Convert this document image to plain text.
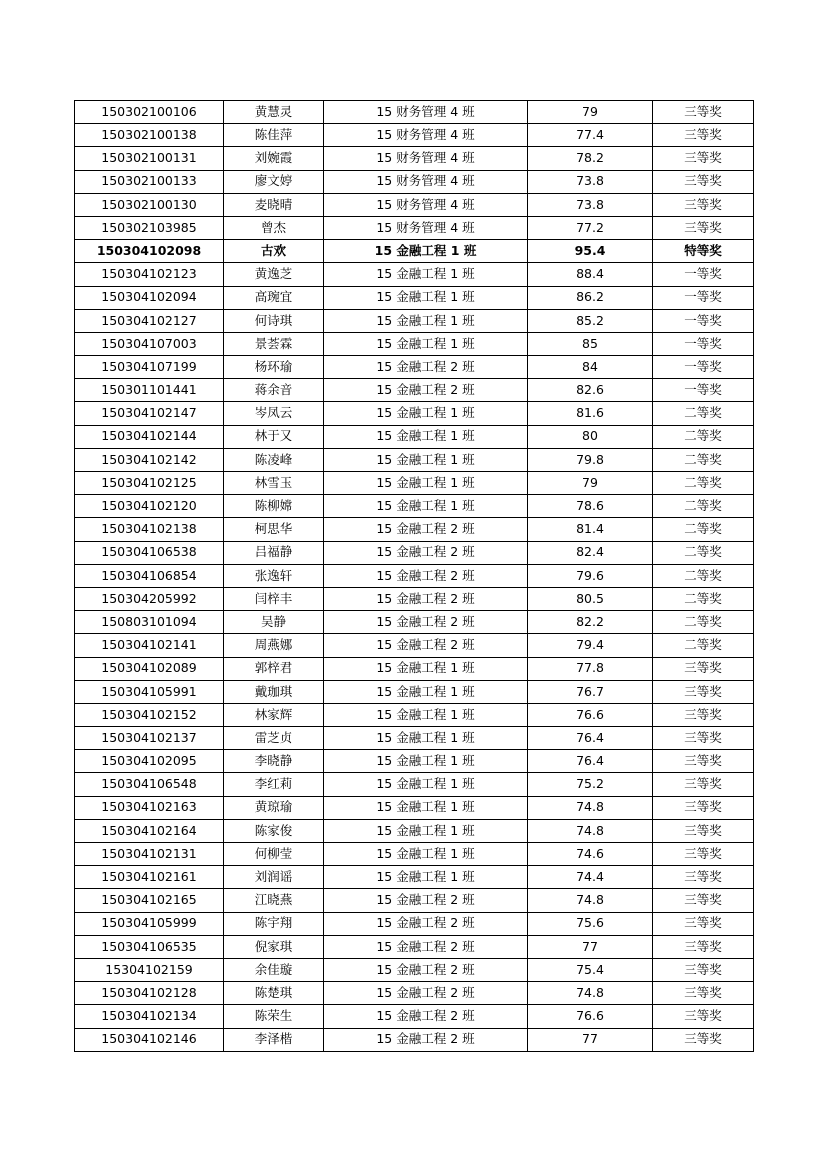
150302100106	黄慧灵	15 财务管理 4 班	79	三等奖
150302100138	陈佳萍	15 财务管理 4 班	77.4	三等奖
150302100131	刘婉霞	15 财务管理 4 班	78.2	三等奖
150302100133	廖文婷	15 财务管理 4 班	73.8	三等奖
150302100130	麦晓晴	15 财务管理 4 班	73.8	三等奖
150302103985	曾杰	15 财务管理 4 班	77.2	三等奖
150304102098	古欢	15 金融工程 1 班	95.4	特等奖
150304102123	黄逸芝	15 金融工程 1 班	88.4	一等奖
150304102094	高琬宜	15 金融工程 1 班	86.2	一等奖
150304102127	何诗琪	15 金融工程 1 班	85.2	一等奖
150304107003	景荟霖	15 金融工程 1 班	85	一等奖
150304107199	杨环瑜	15 金融工程 2 班	84	一等奖
150301101441	蒋余音	15 金融工程 2 班	82.6	一等奖
150304102147	岑凤云	15 金融工程 1 班	81.6	二等奖
150304102144	林于又	15 金融工程 1 班	80	二等奖
150304102142	陈凌峰	15 金融工程 1 班	79.8	二等奖
150304102125	林雪玉	15 金融工程 1 班	79	二等奖
150304102120	陈柳嫦	15 金融工程 1 班	78.6	二等奖
150304102138	柯思华	15 金融工程 2 班	81.4	二等奖
150304106538	吕福静	15 金融工程 2 班	82.4	二等奖
150304106854	张逸轩	15 金融工程 2 班	79.6	二等奖
150304205992	闫梓丰	15 金融工程 2 班	80.5	二等奖
150803101094	吴静	15 金融工程 2 班	82.2	二等奖
150304102141	周燕娜	15 金融工程 2 班	79.4	二等奖
150304102089	郭梓君	15 金融工程 1 班	77.8	三等奖
150304105991	戴珈琪	15 金融工程 1 班	76.7	三等奖
150304102152	林家辉	15 金融工程 1 班	76.6	三等奖
150304102137	雷芝贞	15 金融工程 1 班	76.4	三等奖
150304102095	李晓静	15 金融工程 1 班	76.4	三等奖
150304106548	李红莉	15 金融工程 1 班	75.2	三等奖
150304102163	黄琼瑜	15 金融工程 1 班	74.8	三等奖
150304102164	陈家俊	15 金融工程 1 班	74.8	三等奖
150304102131	何柳莹	15 金融工程 1 班	74.6	三等奖
150304102161	刘润谣	15 金融工程 1 班	74.4	三等奖
150304102165	江晓燕	15 金融工程 2 班	74.8	三等奖
150304105999	陈宇翔	15 金融工程 2 班	75.6	三等奖
150304106535	倪家琪	15 金融工程 2 班	77	三等奖
15304102159	余佳璇	15 金融工程 2 班	75.4	三等奖
150304102128	陈楚琪	15 金融工程 2 班	74.8	三等奖
150304102134	陈荣生	15 金融工程 2 班	76.6	三等奖
150304102146	李泽楷	15 金融工程 2 班	77	三等奖
